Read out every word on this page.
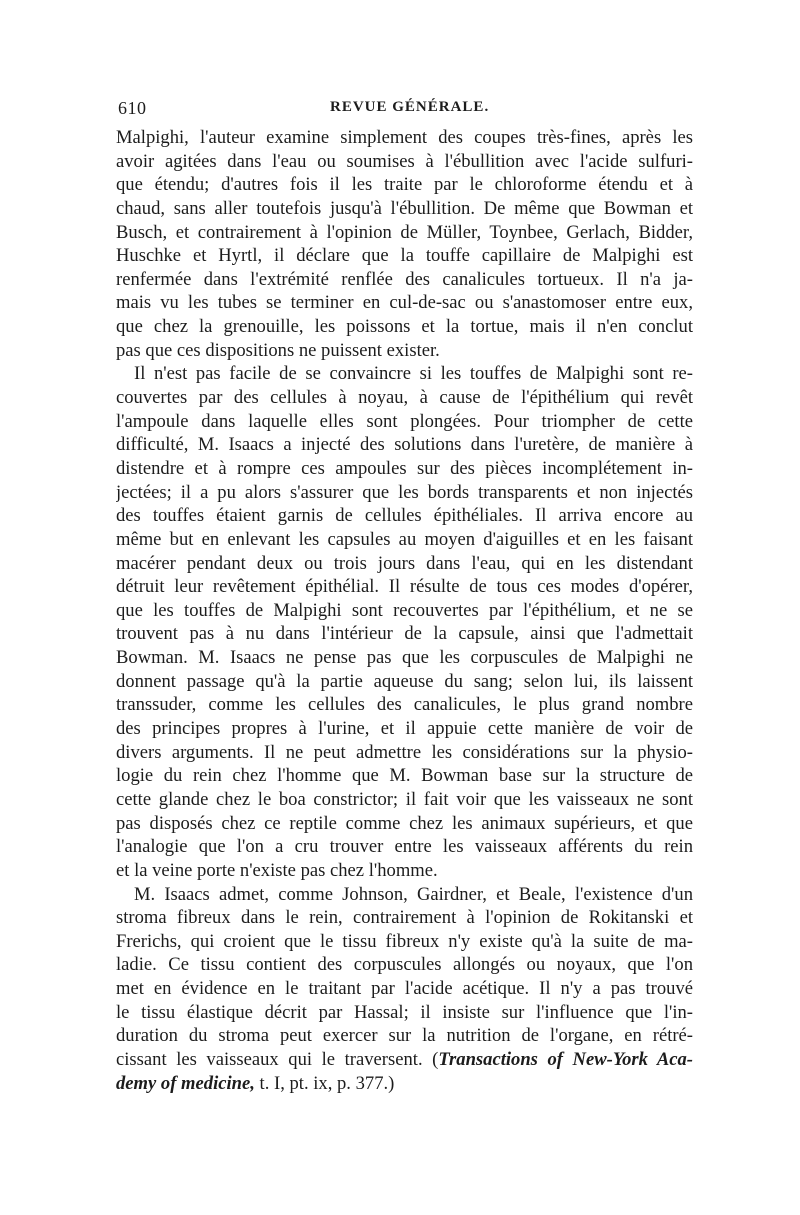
610	REVUE GÉNÉRALE.
Malpighi, l'auteur examine simplement des coupes très-fines, après les
avoir agitées dans l'eau ou soumises à l'ébullition avec l'acide sulfuri-
que étendu; d'autres fois il les traite par le chloroforme étendu et à
chaud, sans aller toutefois jusqu'à l'ébullition. De même que Bowman et
Busch, et contrairement à l'opinion de Müller, Toynbee, Gerlach, Bidder,
Huschke et Hyrtl, il déclare que la touffe capillaire de Malpighi est
renfermée dans l'extrémité renflée des canalicules tortueux. Il n'a ja-
mais vu les tubes se terminer en cul-de-sac ou s'anastomoser entre eux,
que chez la grenouille, les poissons et la tortue, mais il n'en conclut
pas que ces dispositions ne puissent exister.
Il n'est pas facile de se convaincre si les touffes de Malpighi sont re-
couvertes par des cellules à noyau, à cause de l'épithélium qui revêt
l'ampoule dans laquelle elles sont plongées. Pour triompher de cette
difficulté, M. Isaacs a injecté des solutions dans l'uretère, de manière à
distendre et à rompre ces ampoules sur des pièces incomplétement in-
jectées; il a pu alors s'assurer que les bords transparents et non injectés
des touffes étaient garnis de cellules épithéliales. Il arriva encore au
même but en enlevant les capsules au moyen d'aiguilles et en les faisant
macérer pendant deux ou trois jours dans l'eau, qui en les distendant
détruit leur revêtement épithélial. Il résulte de tous ces modes d'opérer,
que les touffes de Malpighi sont recouvertes par l'épithélium, et ne se
trouvent pas à nu dans l'intérieur de la capsule, ainsi que l'admettait
Bowman. M. Isaacs ne pense pas que les corpuscules de Malpighi ne
donnent passage qu'à la partie aqueuse du sang; selon lui, ils laissent
transsuder, comme les cellules des canalicules, le plus grand nombre
des principes propres à l'urine, et il appuie cette manière de voir de
divers arguments. Il ne peut admettre les considérations sur la physio-
logie du rein chez l'homme que M. Bowman base sur la structure de
cette glande chez le boa constrictor; il fait voir que les vaisseaux ne sont
pas disposés chez ce reptile comme chez les animaux supérieurs, et que
l'analogie que l'on a cru trouver entre les vaisseaux afférents du rein
et la veine porte n'existe pas chez l'homme.
M. Isaacs admet, comme Johnson, Gairdner, et Beale, l'existence d'un
stroma fibreux dans le rein, contrairement à l'opinion de Rokitanski et
Frerichs, qui croient que le tissu fibreux n'y existe qu'à la suite de ma-
ladie. Ce tissu contient des corpuscules allongés ou noyaux, que l'on
met en évidence en le traitant par l'acide acétique. Il n'y a pas trouvé
le tissu élastique décrit par Hassal; il insiste sur l'influence que l'in-
duration du stroma peut exercer sur la nutrition de l'organe, en rétré-
cissant les vaisseaux qui le traversent. (Transactions of New-York Aca-
demy of medicine, t. I, pt. ix, p. 377.)
